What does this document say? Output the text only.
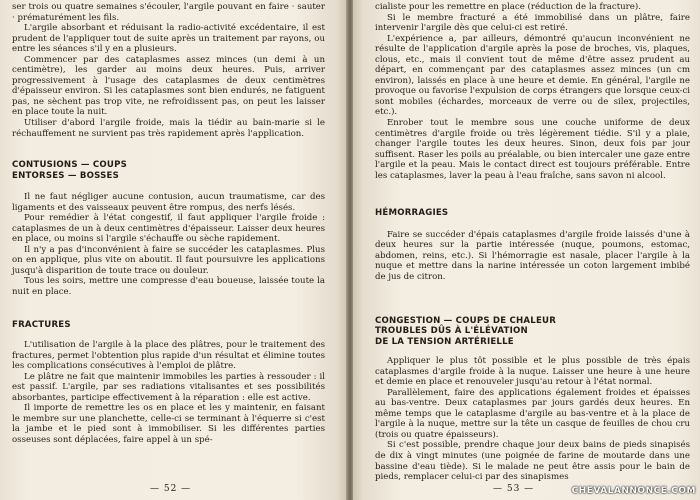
ser trois ou quatre semaines s'écouler, l'argile pouvant en faire · sauter · prématurément les fils.

L'argile absorbant et réduisant la radio-activité excédentaire, il est prudent de l'appliquer tout de suite après un traitement par rayons, ou entre les séances s'il y en a plusieurs.

Commencer par des cataplasmes assez minces (un demi à un centimètre), les garder au moins deux heures. Puis, arriver progressivement à l'usage des cataplasmes de deux centimètres d'épaisseur environ. Si les cataplasmes sont bien endurés, ne fatiguent pas, ne sèchent pas trop vite, ne refroidissent pas, on peut les laisser en place toute la nuit.

Utiliser d'abord l'argile froide, mais la tiédir au bain-marie si le réchauffement ne survient pas très rapidement après l'application.

CONTUSIONS — COUPS
ENTORSES — BOSSES

Il ne faut négliger aucune contusion, aucun traumatisme, car des ligaments et des vaisseaux peuvent être rompus, des nerfs lésés.

Pour remédier à l'état congestif, il faut appliquer l'argile froide : cataplasmes de un à deux centimètres d'épaisseur. Laisser deux heures en place, ou moins si l'argile s'échauffe ou sèche rapidement.

Il n'y a pas d'inconvénient à faire se succéder les cataplasmes. Plus on en applique, plus vite on aboutit. Il faut poursuivre les applications jusqu'à disparition de toute trace ou douleur.

Tous les soirs, mettre une compresse d'eau boueuse, laissée toute la nuit en place.

FRACTURES

L'utilisation de l'argile à la place des plâtres, pour le traitement des fractures, permet l'obtention plus rapide d'un résultat et élimine toutes les complications consécutives à l'emploi de plâtre.

Le plâtre ne fait que maintenir immobiles les parties à ressouder : il est passif. L'argile, par ses radiations vitalisantes et ses possibilités absorbantes, participe effectivement à la réparation : elle est active.

Il importe de remettre les os en place et les y maintenir, en faisant le membre sur une planchette, celle-ci se terminant à l'équerre si c'est la jambe et le pied sont à immobiliser. Si les différentes parties osseuses sont déplacées, faire appel à un spé-

— 52 —

cialiste pour les remettre en place (réduction de la fracture).

Si le membre fracturé a été immobilisé dans un plâtre, faire intervenir l'argile dès que celui-ci est retiré.

L'expérience a, par ailleurs, démontré qu'aucun inconvénient ne résulte de l'application d'argile après la pose de broches, vis, plaques, clous, etc., mais il convient tout de même d'être assez prudent au départ, en commençant par des cataplasmes assez minces (un cm environ), laissés en place à une heure et demie. En général, l'argile ne provoque ou favorise l'expulsion de corps étrangers que lorsque ceux-ci sont mobiles (échardes, morceaux de verre ou de silex, projectiles, etc.).

Enrober tout le membre sous une couche uniforme de deux centimètres d'argile froide ou très légèrement tiédie. S'il y a plaie, changer l'argile toutes les deux heures. Sinon, deux fois par jour suffisent. Raser les poils au préalable, ou bien intercaler une gaze entre l'argile et la peau. Mais le contact direct est toujours préférable. Entre les cataplasmes, laver la peau à l'eau fraîche, sans savon ni alcool.

HÉMORRAGIES

Faire se succéder d'épais cataplasmes d'argile froide laissés d'une à deux heures sur la partie intéressée (nuque, poumons, estomac, abdomen, reins, etc.). Si l'hémorragie est nasale, placer l'argile à la nuque et mettre dans la narine intéressée un coton largement imbibé de jus de citron.

CONGESTION — COUPS DE CHALEUR
TROUBLES DÛS À L'ÉLÉVATION
DE LA TENSION ARTÉRIELLE

Appliquer le plus tôt possible et le plus possible de très épais cataplasmes d'argile froide à la nuque. Laisser une heure à une heure et demie en place et renouveler jusqu'au retour à l'état normal.

Parallèlement, faire des applications également froides et épaisses au bas-ventre. Deux cataplasmes par jours gardés deux heures. En même temps que le cataplasme d'argile au bas-ventre et à la place de l'argile à la nuque, mettre sur la tête un casque de feuilles de chou cru (trois ou quatre épaisseurs).

Si c'est possible, prendre chaque jour deux bains de pieds sinapisés de dix à vingt minutes (une poignée de farine de moutarde dans une bassine d'eau tiède). Si le malade ne peut être assis pour le bain de pieds, remplacer celui-ci par des sinapismes

— 53 —	CHEVALANNONCE.COM
